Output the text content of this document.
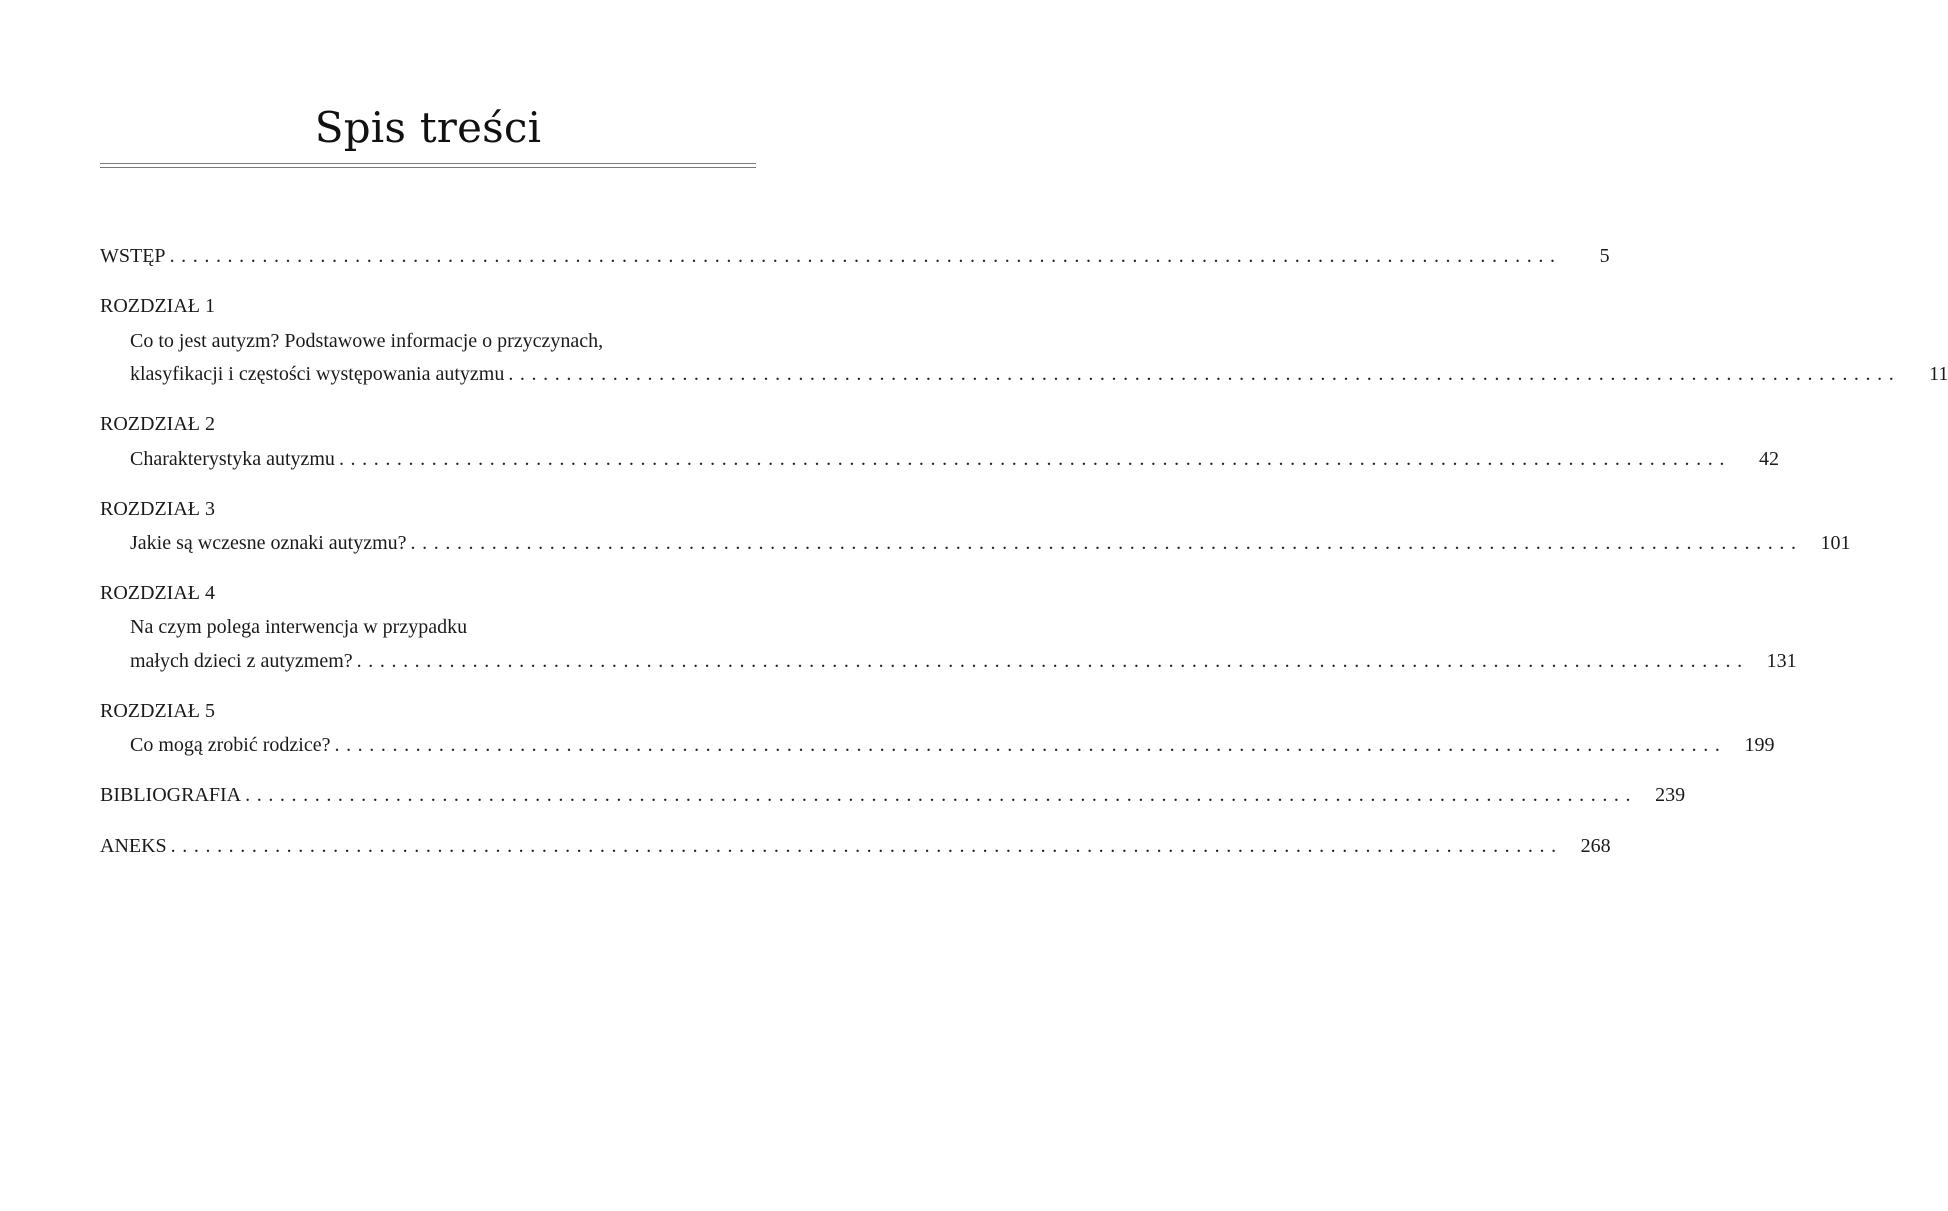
Spis treści
WSTĘP ........................................................................................................................	5
ROZDZIAŁ 1
Co to jest autyzm? Podstawowe informacje o przyczynach,
klasyfikacji i częstości występowania autyzmu ........................................................................................................................	11
ROZDZIAŁ 2
Charakterystyka autyzmu ........................................................................................................................	42
ROZDZIAŁ 3
Jakie są wczesne oznaki autyzmu? ........................................................................................................................ 101
ROZDZIAŁ 4
Na czym polega interwencja w przypadku
małych dzieci z autyzmem? ........................................................................................................................ 131
ROZDZIAŁ 5
Co mogą zrobić rodzice? ........................................................................................................................ 199
BIBLIOGRAFIA ........................................................................................................................ 239
ANEKS ........................................................................................................................ 268
